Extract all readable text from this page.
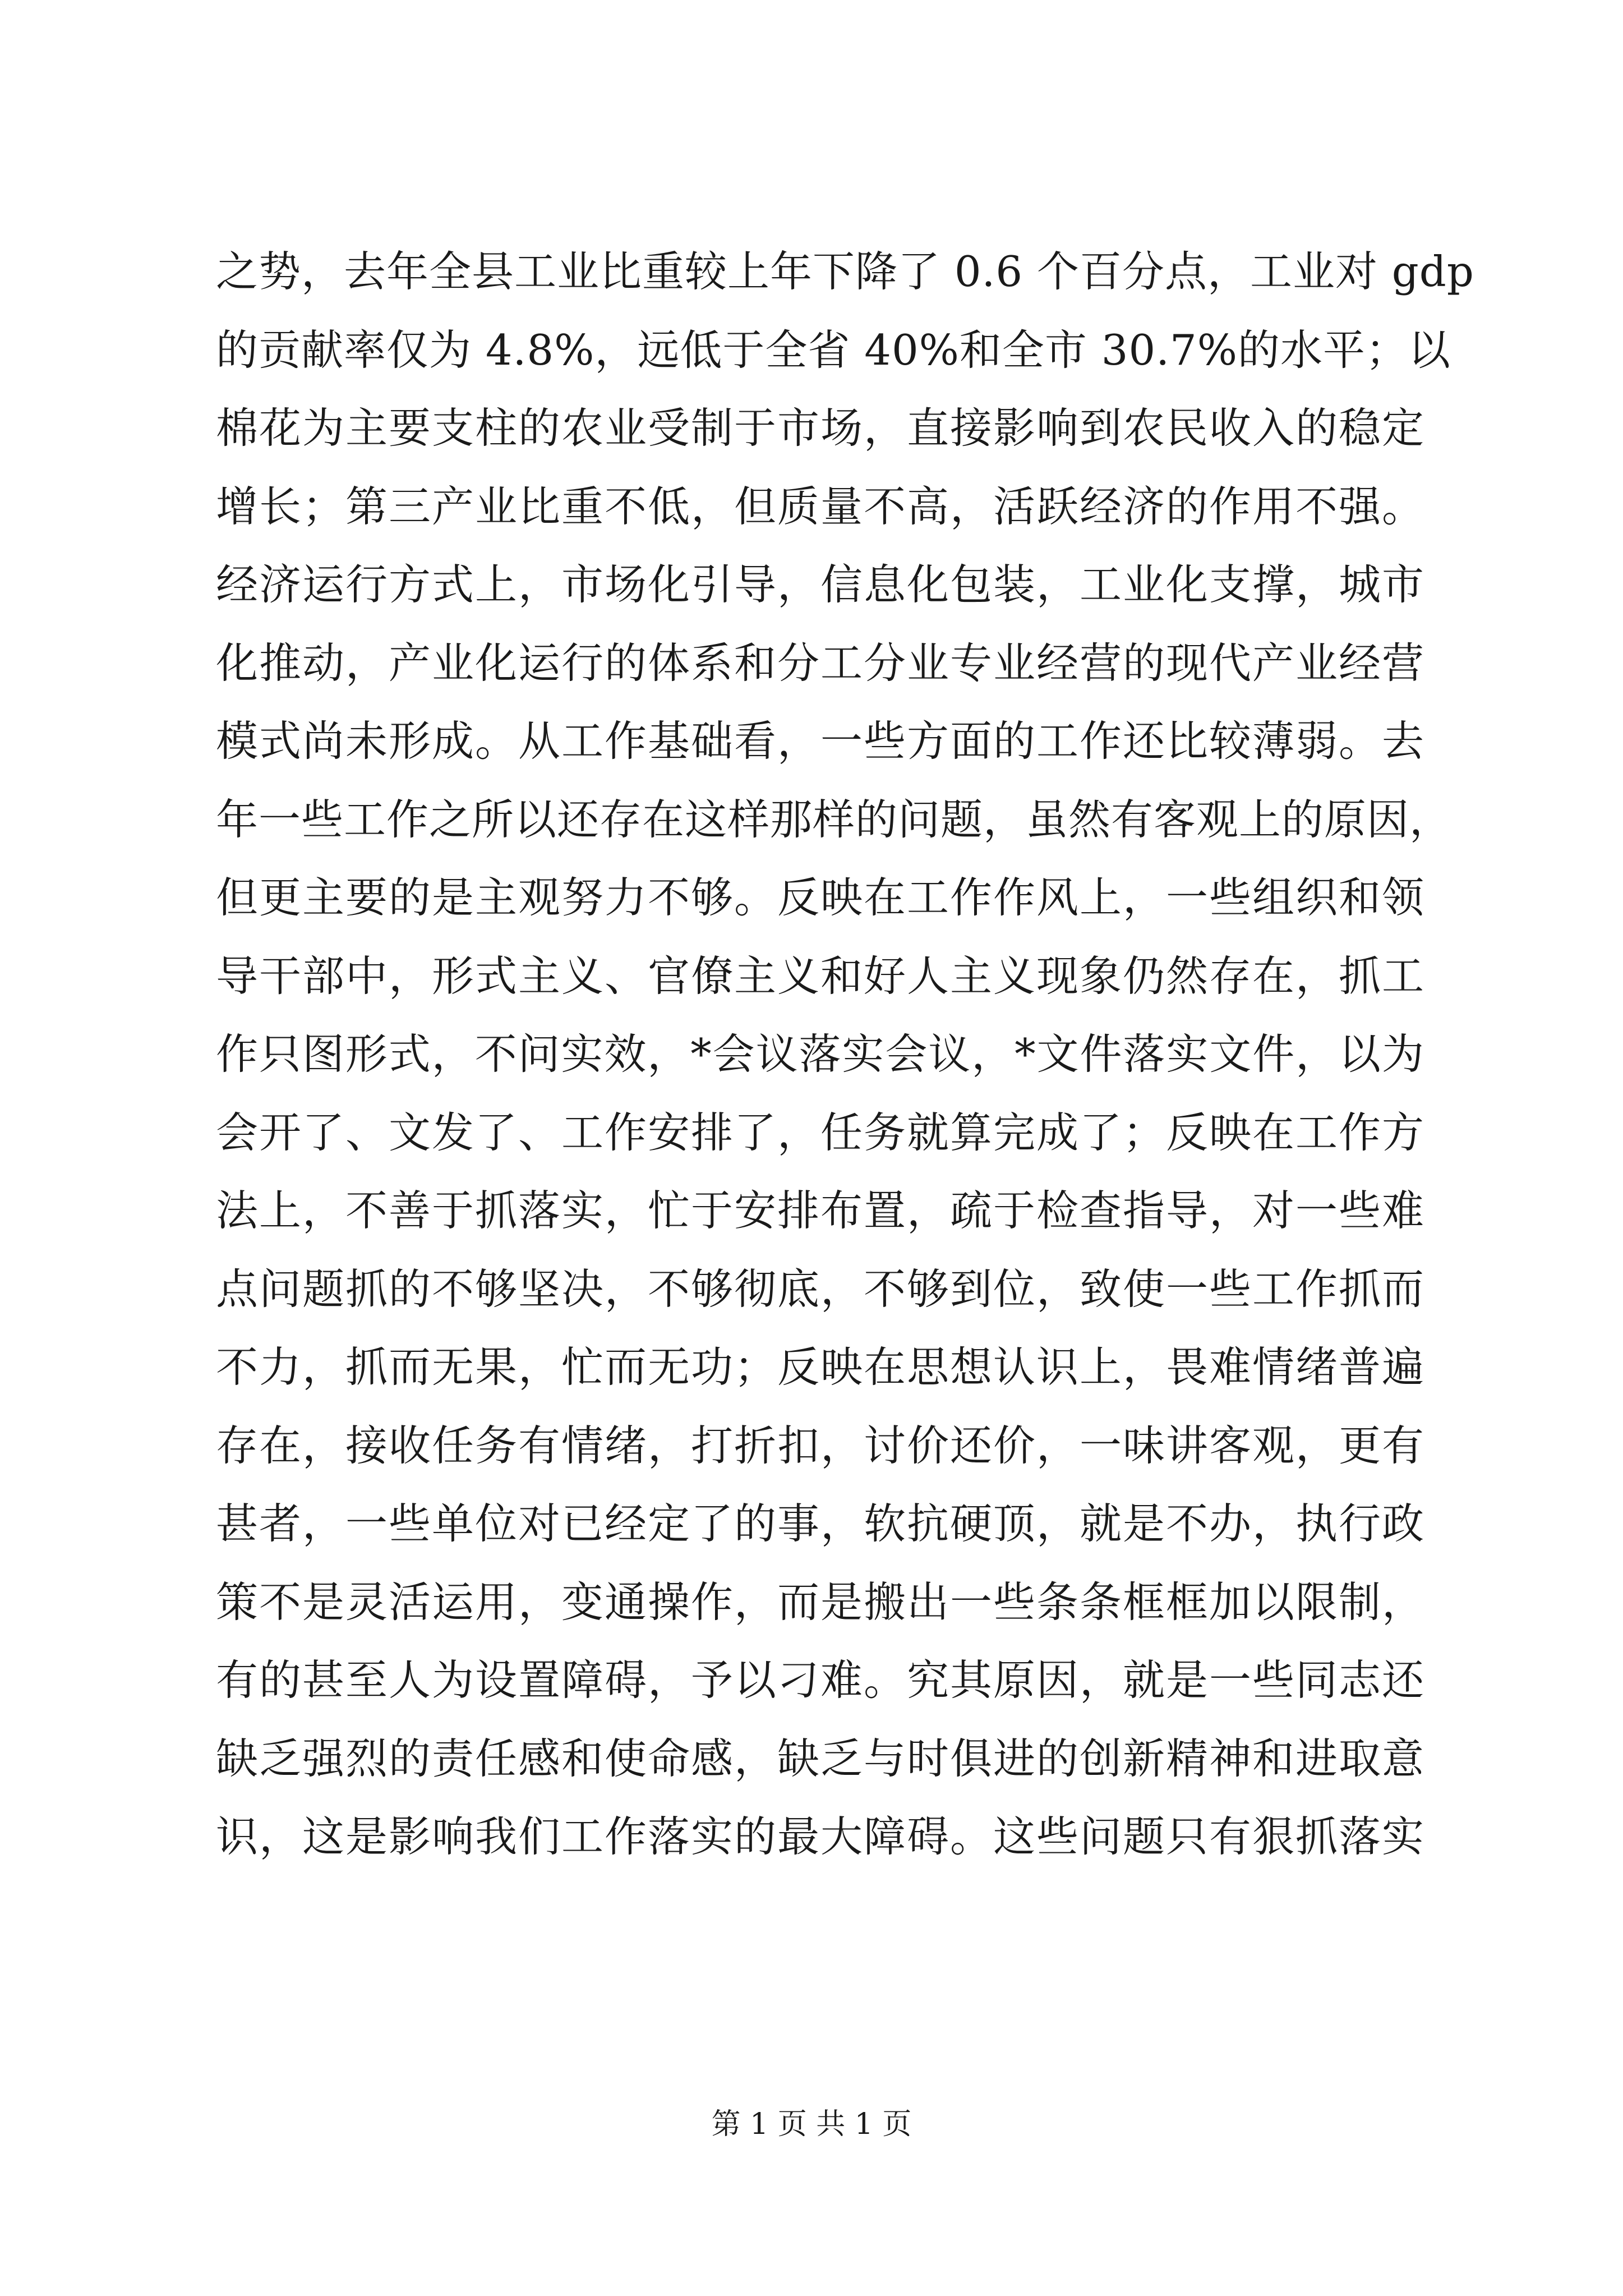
之势，去年全县工业比重较上年下降了 0.6 个百分点，工业对 gdp
的贡献率仅为 4.8%，远低于全省 40%和全市 30.7%的水平；以
棉花为主要支柱的农业受制于市场，直接影响到农民收入的稳定
增长；第三产业比重不低，但质量不高，活跃经济的作用不强。
经济运行方式上，市场化引导，信息化包装，工业化支撑，城市
化推动，产业化运行的体系和分工分业专业经营的现代产业经营
模式尚未形成。从工作基础看，一些方面的工作还比较薄弱。去
年一些工作之所以还存在这样那样的问题，虽然有客观上的原因，
但更主要的是主观努力不够。反映在工作作风上，一些组织和领
导干部中，形式主义、官僚主义和好人主义现象仍然存在，抓工
作只图形式，不问实效，*会议落实会议，*文件落实文件，以为
会开了、文发了、工作安排了，任务就算完成了；反映在工作方
法上，不善于抓落实，忙于安排布置，疏于检查指导，对一些难
点问题抓的不够坚决，不够彻底，不够到位，致使一些工作抓而
不力，抓而无果，忙而无功；反映在思想认识上，畏难情绪普遍
存在，接收任务有情绪，打折扣，讨价还价，一味讲客观，更有
甚者，一些单位对已经定了的事，软抗硬顶，就是不办，执行政
策不是灵活运用，变通操作，而是搬出一些条条框框加以限制，
有的甚至人为设置障碍，予以刁难。究其原因，就是一些同志还
缺乏强烈的责任感和使命感，缺乏与时俱进的创新精神和进取意
识，这是影响我们工作落实的最大障碍。这些问题只有狠抓落实
第 1 页 共 1 页
